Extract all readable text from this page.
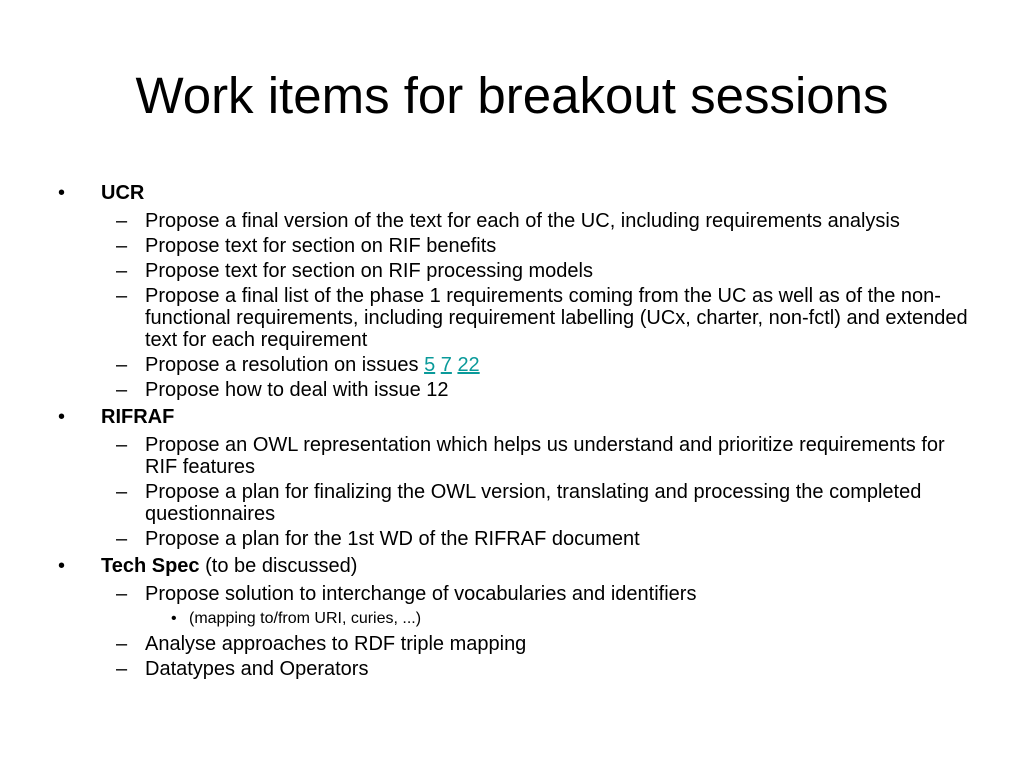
Work items for breakout sessions
• UCR
– Propose a final version of the text for each of the UC, including requirements analysis
– Propose text for section on RIF benefits
– Propose text for section on RIF processing models
– Propose a final list of the phase 1 requirements coming from the UC as well as of the non-functional requirements, including requirement labelling (UCx, charter, non-fctl) and extended text for each requirement
– Propose a resolution on issues 5 7 22
– Propose how to deal with issue 12
• RIFRAF
– Propose an OWL representation which helps us understand and prioritize requirements for RIF features
– Propose a plan for finalizing the OWL version, translating and processing the completed questionnaires
– Propose a plan for the 1st WD of the RIFRAF document
• Tech Spec (to be discussed)
– Propose solution to interchange of vocabularies and identifiers
• (mapping to/from URI, curies, ...)
– Analyse approaches to RDF triple mapping
– Datatypes and Operators
